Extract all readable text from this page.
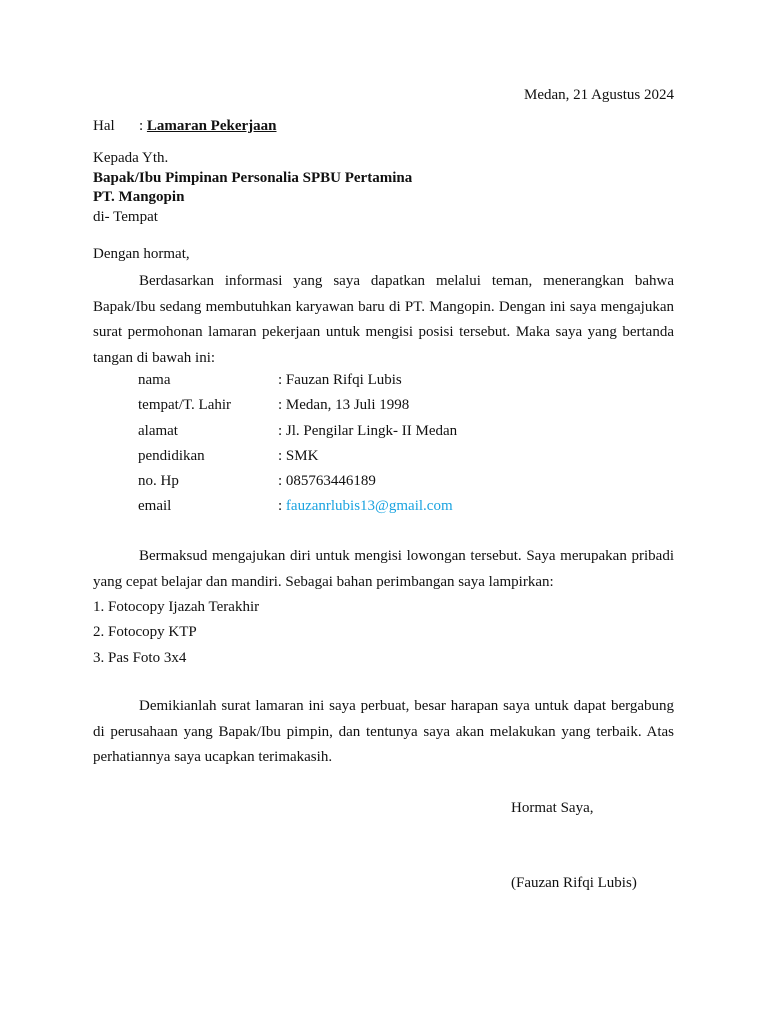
Medan, 21 Agustus 2024
Hal : Lamaran Pekerjaan
Kepada Yth.
Bapak/Ibu Pimpinan Personalia SPBU Pertamina
PT. Mangopin
di- Tempat
Dengan hormat,
Berdasarkan informasi yang saya dapatkan melalui teman, menerangkan bahwa Bapak/Ibu sedang membutuhkan karyawan baru di PT. Mangopin. Dengan ini saya mengajukan surat permohonan lamaran pekerjaan untuk mengisi posisi tersebut. Maka saya yang bertanda tangan di bawah ini:
nama	: Fauzan Rifqi Lubis
tempat/T. Lahir	: Medan, 13 Juli 1998
alamat	: Jl. Pengilar Lingk- II Medan
pendidikan	: SMK
no. Hp	: 085763446189
email	: fauzanrlubis13@gmail.com
Bermaksud mengajukan diri untuk mengisi lowongan tersebut. Saya merupakan pribadi yang cepat belajar dan mandiri. Sebagai bahan perimbangan saya lampirkan:
1. Fotocopy Ijazah Terakhir
2. Fotocopy KTP
3. Pas Foto 3x4
Demikianlah surat lamaran ini saya perbuat, besar harapan saya untuk dapat bergabung di perusahaan yang Bapak/Ibu pimpin, dan tentunya saya akan melakukan yang terbaik. Atas perhatiannya saya ucapkan terimakasih.
Hormat Saya,
(Fauzan Rifqi Lubis)
